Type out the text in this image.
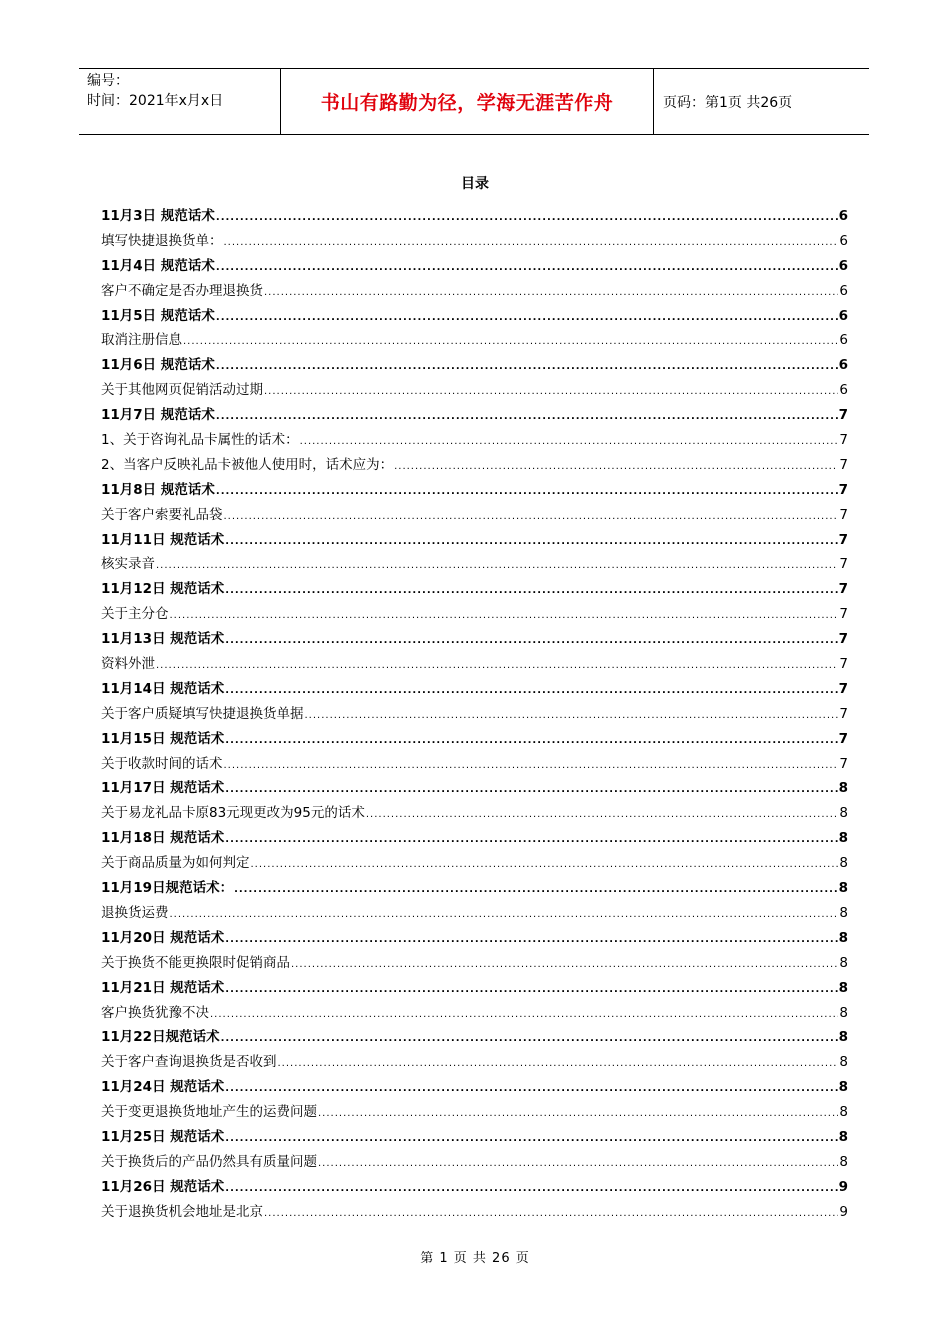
编号：
时间：2021年x月x日	书山有路勤为径，学海无涯苦作舟	页码：第1页 共26页
目录
11月3日 规范话术 .....	6
填写快捷退换货单： .....	6
11月4日 规范话术 .....	6
客户不确定是否办理退换货 .....	6
11月5日 规范话术 .....	6
取消注册信息 .....	6
11月6日 规范话术 .....	6
关于其他网页促销活动过期 .....	6
11月7日 规范话术 .....	7
1、关于咨询礼品卡属性的话术： .....	7
2、当客户反映礼品卡被他人使用时，话术应为： .....	7
11月8日 规范话术 .....	7
关于客户索要礼品袋 .....	7
11月11日 规范话术 .....	7
核实录音 .....	7
11月12日 规范话术 .....	7
关于主分仓 .....	7
11月13日 规范话术 .....	7
资料外泄 .....	7
11月14日 规范话术 .....	7
关于客户质疑填写快捷退换货单据 .....	7
11月15日 规范话术 .....	7
关于收款时间的话术 .....	7
11月17日 规范话术 .....	8
关于易龙礼品卡原83元现更改为95元的话术 .....	8
11月18日 规范话术 .....	8
关于商品质量为如何判定 .....	8
11月19日规范话术： .....	8
退换货运费 .....	8
11月20日 规范话术 .....	8
关于换货不能更换限时促销商品 .....	8
11月21日 规范话术 .....	8
客户换货犹豫不决 .....	8
11月22日规范话术 .....	8
关于客户查询退换货是否收到 .....	8
11月24日 规范话术 .....	8
关于变更退换货地址产生的运费问题 .....	8
11月25日 规范话术 .....	8
关于换货后的产品仍然具有质量问题 .....	8
11月26日 规范话术 .....	9
关于退换货机会地址是北京 .....	9
第 1 页 共 26 页
